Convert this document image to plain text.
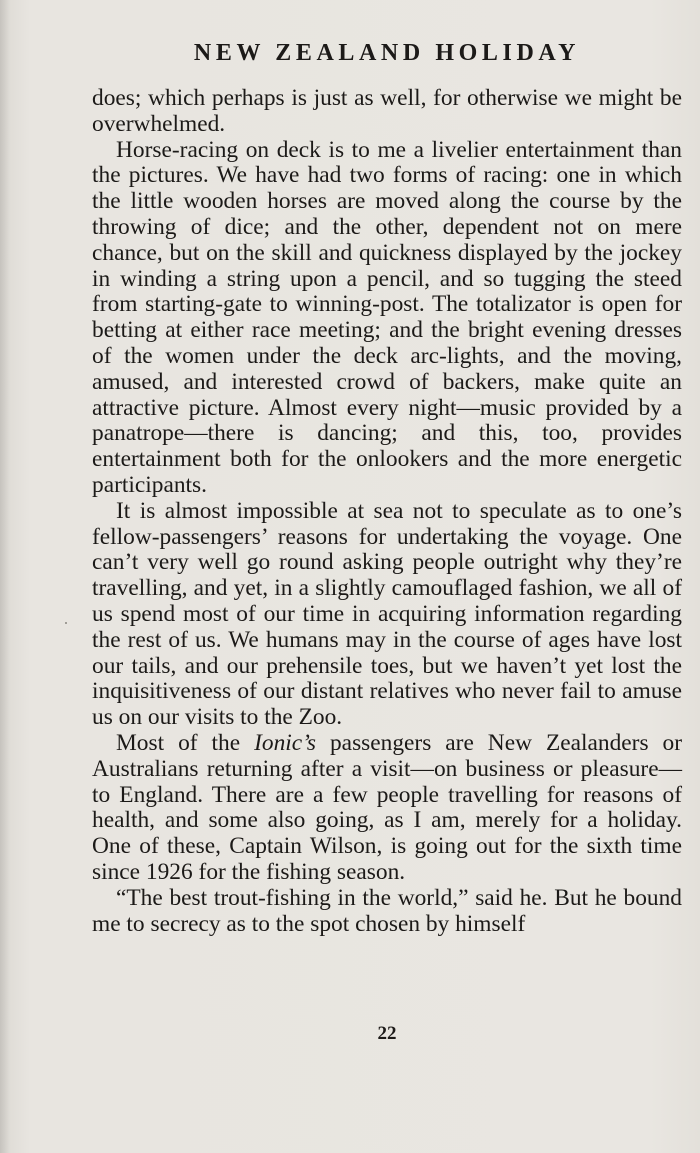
NEW ZEALAND HOLIDAY

does; which perhaps is just as well, for otherwise we might be overwhelmed.

Horse-racing on deck is to me a livelier entertainment than the pictures. We have had two forms of racing: one in which the little wooden horses are moved along the course by the throwing of dice; and the other, dependent not on mere chance, but on the skill and quickness displayed by the jockey in winding a string upon a pencil, and so tugging the steed from starting-gate to winning-post. The totalizator is open for betting at either race meeting; and the bright evening dresses of the women under the deck arc-lights, and the moving, amused, and interested crowd of backers, make quite an attractive picture. Almost every night—music provided by a panatrope—there is dancing; and this, too, provides entertainment both for the onlookers and the more energetic participants.

It is almost impossible at sea not to speculate as to one’s fellow-passengers’ reasons for undertaking the voyage. One can’t very well go round asking people outright why they’re travelling, and yet, in a slightly camouflaged fashion, we all of us spend most of our time in acquiring information regarding the rest of us. We humans may in the course of ages have lost our tails, and our prehensile toes, but we haven’t yet lost the inquisitiveness of our distant relatives who never fail to amuse us on our visits to the Zoo.

Most of the Ionic’s passengers are New Zealanders or Australians returning after a visit—on business or pleasure—to England. There are a few people travelling for reasons of health, and some also going, as I am, merely for a holiday. One of these, Captain Wilson, is going out for the sixth time since 1926 for the fishing season.

“The best trout-fishing in the world,” said he. But he bound me to secrecy as to the spot chosen by himself

22
